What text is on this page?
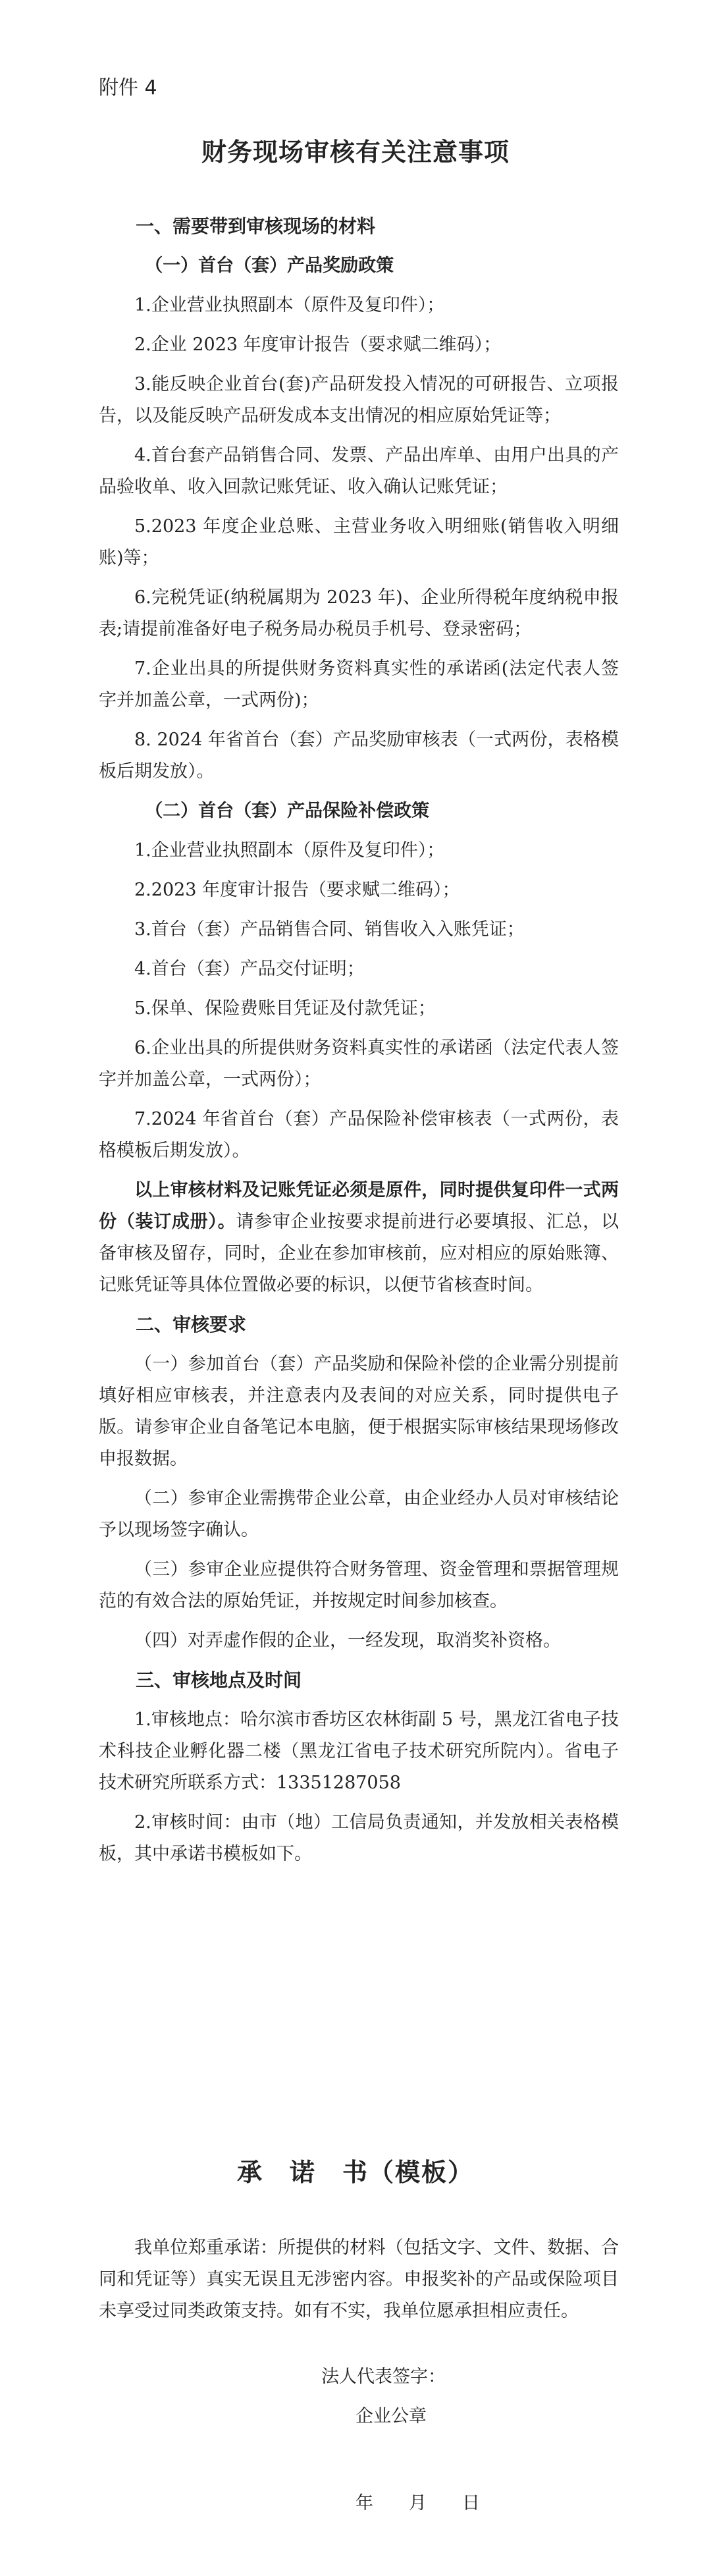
附件 4
财务现场审核有关注意事项
一、需要带到审核现场的材料
（一）首台（套）产品奖励政策
1.企业营业执照副本（原件及复印件）；
2.企业 2023 年度审计报告（要求赋二维码）；
3.能反映企业首台(套)产品研发投入情况的可研报告、立项报告，以及能反映产品研发成本支出情况的相应原始凭证等；
4.首台套产品销售合同、发票、产品出库单、由用户出具的产品验收单、收入回款记账凭证、收入确认记账凭证；
5.2023 年度企业总账、主营业务收入明细账(销售收入明细账)等；
6.完税凭证(纳税属期为 2023 年)、企业所得税年度纳税申报表;请提前准备好电子税务局办税员手机号、登录密码；
7.企业出具的所提供财务资料真实性的承诺函(法定代表人签字并加盖公章，一式两份)；
8. 2024 年省首台（套）产品奖励审核表（一式两份，表格模板后期发放）。
（二）首台（套）产品保险补偿政策
1.企业营业执照副本（原件及复印件）；
2.2023 年度审计报告（要求赋二维码）；
3.首台（套）产品销售合同、销售收入入账凭证；
4.首台（套）产品交付证明；
5.保单、保险费账目凭证及付款凭证；
6.企业出具的所提供财务资料真实性的承诺函（法定代表人签字并加盖公章，一式两份）；
7.2024 年省首台（套）产品保险补偿审核表（一式两份，表格模板后期发放）。
以上审核材料及记账凭证必须是原件，同时提供复印件一式两份（装订成册）。请参审企业按要求提前进行必要填报、汇总，以备审核及留存，同时，企业在参加审核前，应对相应的原始账簿、记账凭证等具体位置做必要的标识，以便节省核查时间。
二、审核要求
（一）参加首台（套）产品奖励和保险补偿的企业需分别提前填好相应审核表，并注意表内及表间的对应关系，同时提供电子版。请参审企业自备笔记本电脑，便于根据实际审核结果现场修改申报数据。
（二）参审企业需携带企业公章，由企业经办人员对审核结论予以现场签字确认。
（三）参审企业应提供符合财务管理、资金管理和票据管理规范的有效合法的原始凭证，并按规定时间参加核查。
（四）对弄虚作假的企业，一经发现，取消奖补资格。
三、审核地点及时间
1.审核地点：哈尔滨市香坊区农林街副 5 号，黑龙江省电子技术科技企业孵化器二楼（黑龙江省电子技术研究所院内）。省电子技术研究所联系方式：13351287058
2.审核时间：由市（地）工信局负责通知，并发放相关表格模板，其中承诺书模板如下。
承　诺　书（模板）
我单位郑重承诺：所提供的材料（包括文字、文件、数据、合同和凭证等）真实无误且无涉密内容。申报奖补的产品或保险项目未享受过同类政策支持。如有不实，我单位愿承担相应责任。
法人代表签字：
企业公章
年　　月　　日
